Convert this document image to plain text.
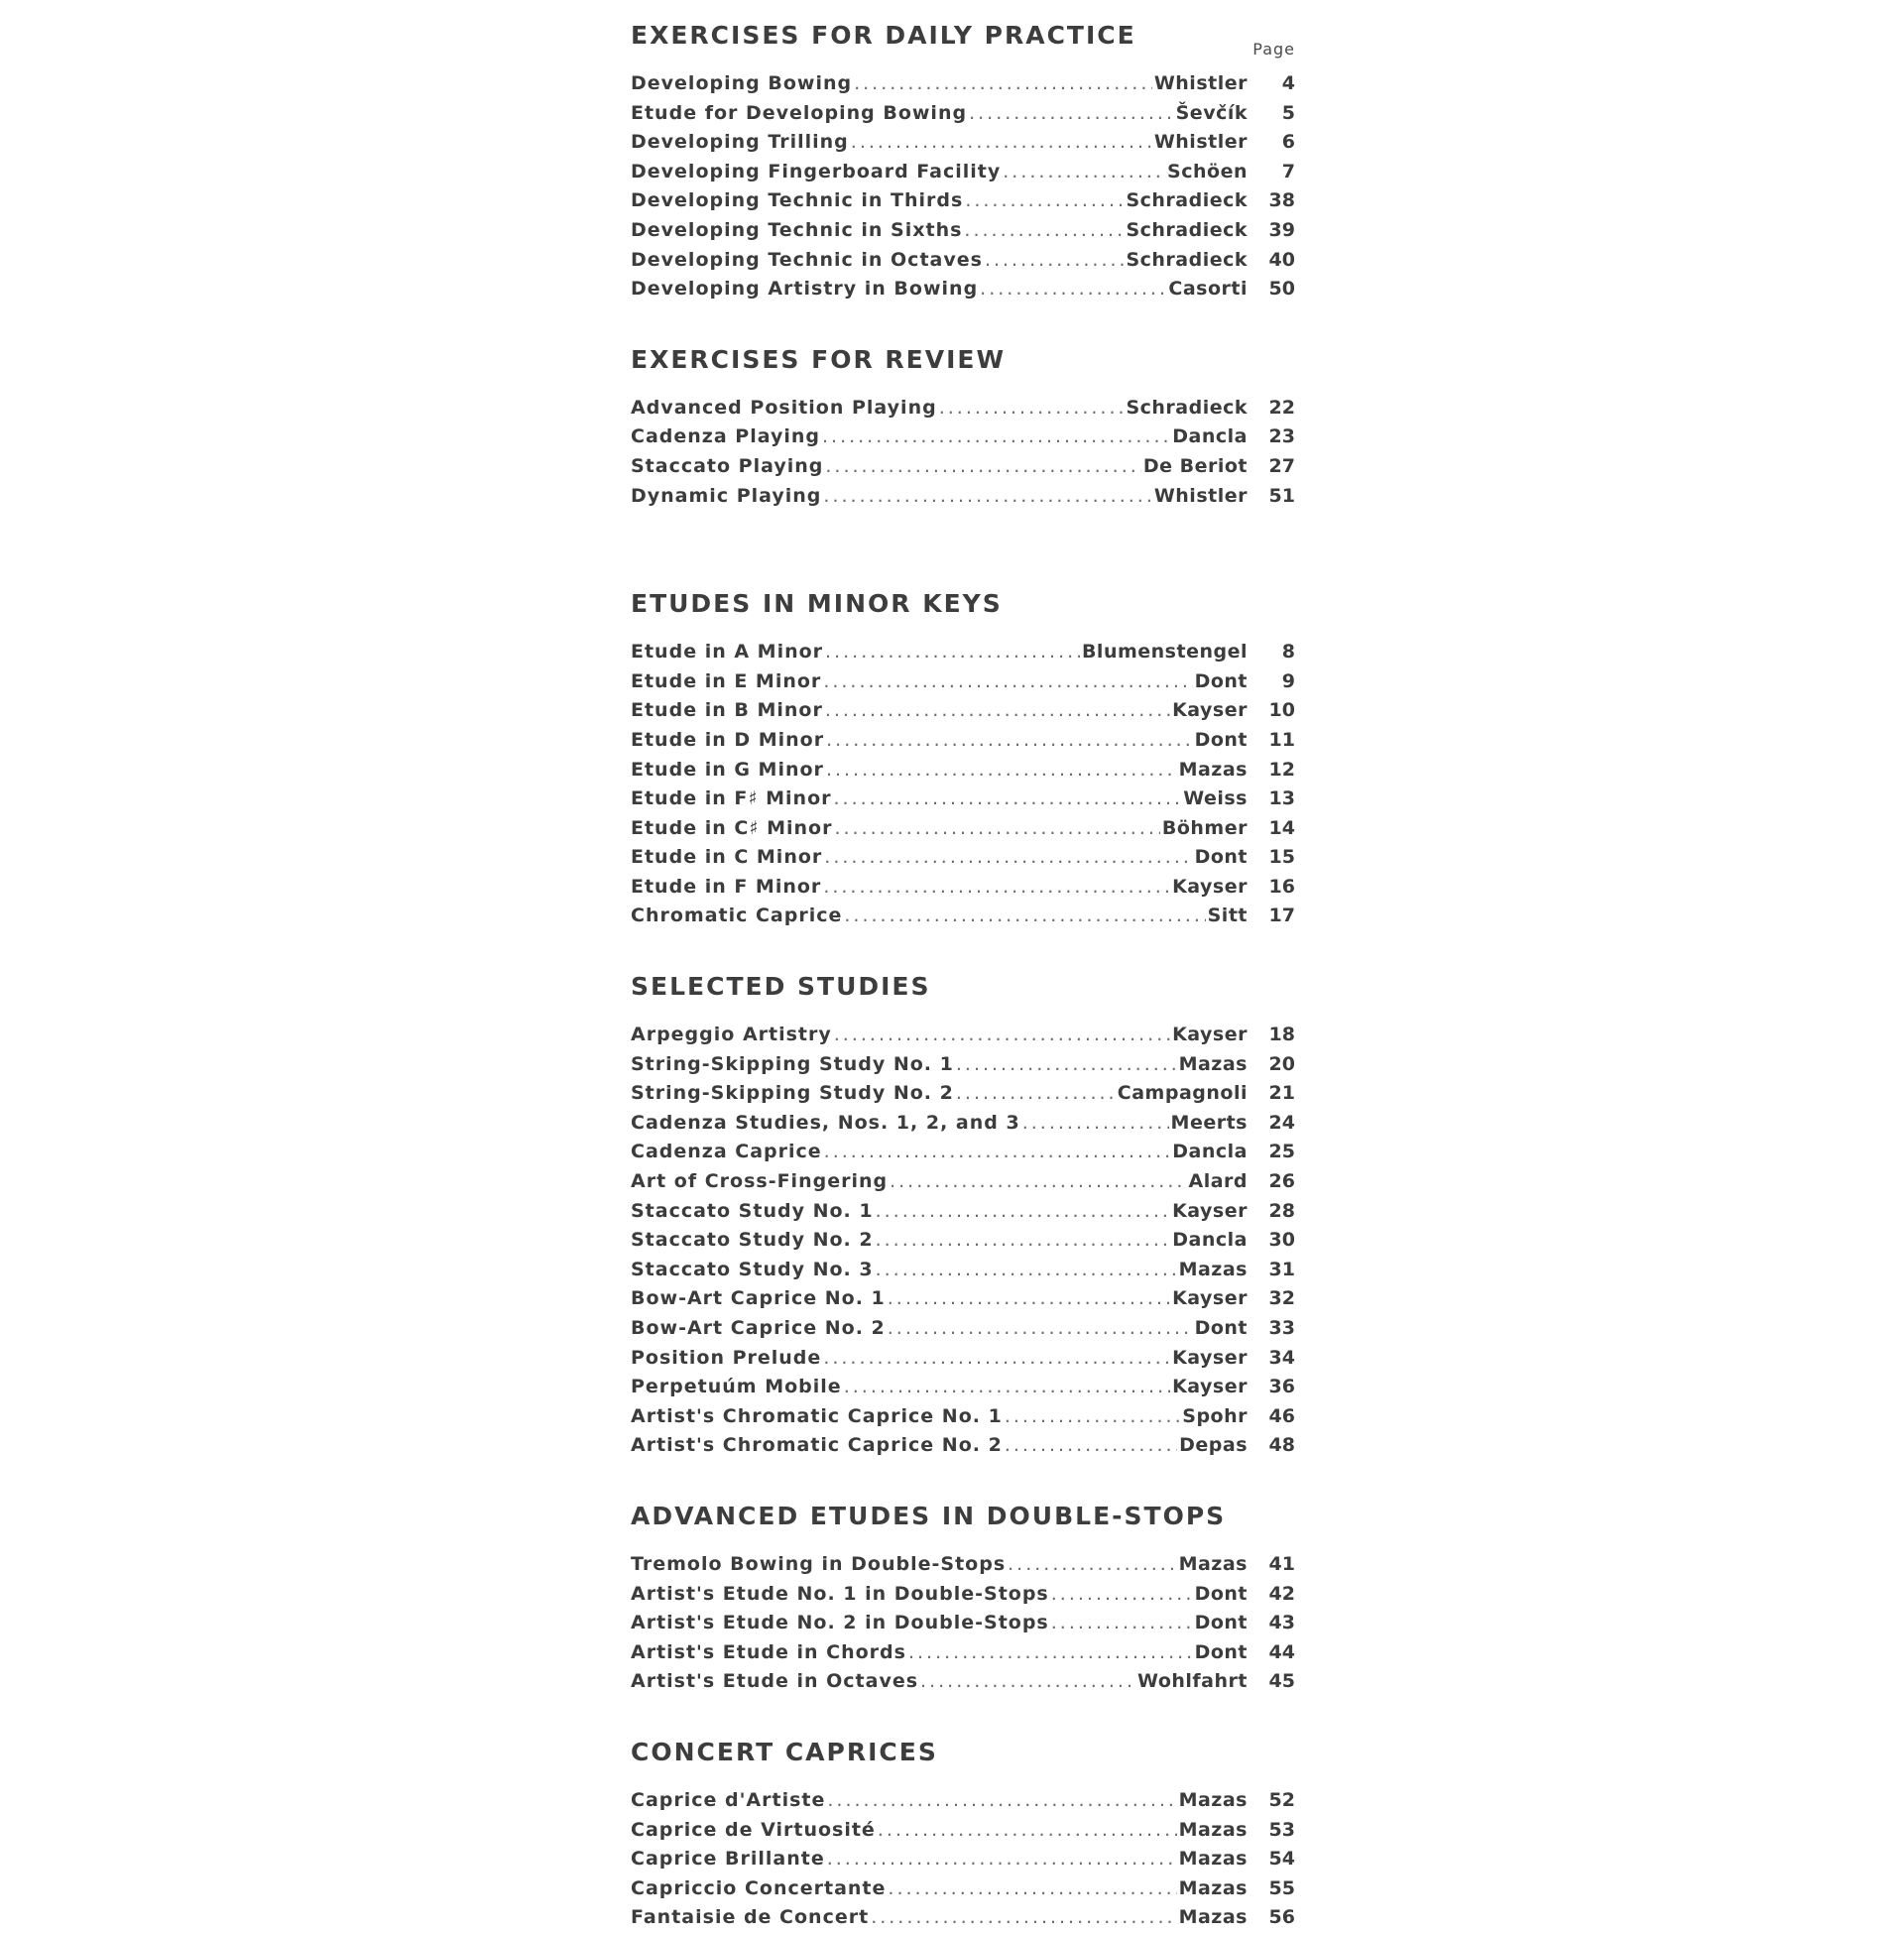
EXERCISES FOR DAILY PRACTICE	Page
Developing Bowing .....	Whistler	4
Etude for Developing Bowing .....	Ševčík	5
Developing Trilling .....	Whistler	6
Developing Fingerboard Facility .....	Schöen	7
Developing Technic in Thirds .....	Schradieck	38
Developing Technic in Sixths .....	Schradieck	39
Developing Technic in Octaves .....	Schradieck	40
Developing Artistry in Bowing .....	Casorti	50
EXERCISES FOR REVIEW
Advanced Position Playing .....	Schradieck	22
Cadenza Playing .....	Dancla	23
Staccato Playing .....	De Beriot	27
Dynamic Playing .....	Whistler	51
ETUDES IN MINOR KEYS
Etude in A Minor .....	Blumenstengel	8
Etude in E Minor .....	Dont	9
Etude in B Minor .....	Kayser	10
Etude in D Minor .....	Dont	11
Etude in G Minor .....	Mazas	12
Etude in F♯ Minor .....	Weiss	13
Etude in C♯ Minor .....	Böhmer	14
Etude in C Minor .....	Dont	15
Etude in F Minor .....	Kayser	16
Chromatic Caprice .....	Sitt	17
SELECTED STUDIES
Arpeggio Artistry .....	Kayser	18
String-Skipping Study No. 1 .....	Mazas	20
String-Skipping Study No. 2 .....	Campagnoli	21
Cadenza Studies, Nos. 1, 2, and 3 .....	Meerts	24
Cadenza Caprice .....	Dancla	25
Art of Cross-Fingering .....	Alard	26
Staccato Study No. 1 .....	Kayser	28
Staccato Study No. 2 .....	Dancla	30
Staccato Study No. 3 .....	Mazas	31
Bow-Art Caprice No. 1 .....	Kayser	32
Bow-Art Caprice No. 2 .....	Dont	33
Position Prelude .....	Kayser	34
Perpetuúm Mobile .....	Kayser	36
Artist's Chromatic Caprice No. 1 .....	Spohr	46
Artist's Chromatic Caprice No. 2 .....	Depas	48
ADVANCED ETUDES IN DOUBLE-STOPS
Tremolo Bowing in Double-Stops .....	Mazas	41
Artist's Etude No. 1 in Double-Stops .....	Dont	42
Artist's Etude No. 2 in Double-Stops .....	Dont	43
Artist's Etude in Chords .....	Dont	44
Artist's Etude in Octaves .....	Wohlfahrt	45
CONCERT CAPRICES
Caprice d'Artiste .....	Mazas	52
Caprice de Virtuosité .....	Mazas	53
Caprice Brillante .....	Mazas	54
Capriccio Concertante .....	Mazas	55
Fantaisie de Concert .....	Mazas	56
